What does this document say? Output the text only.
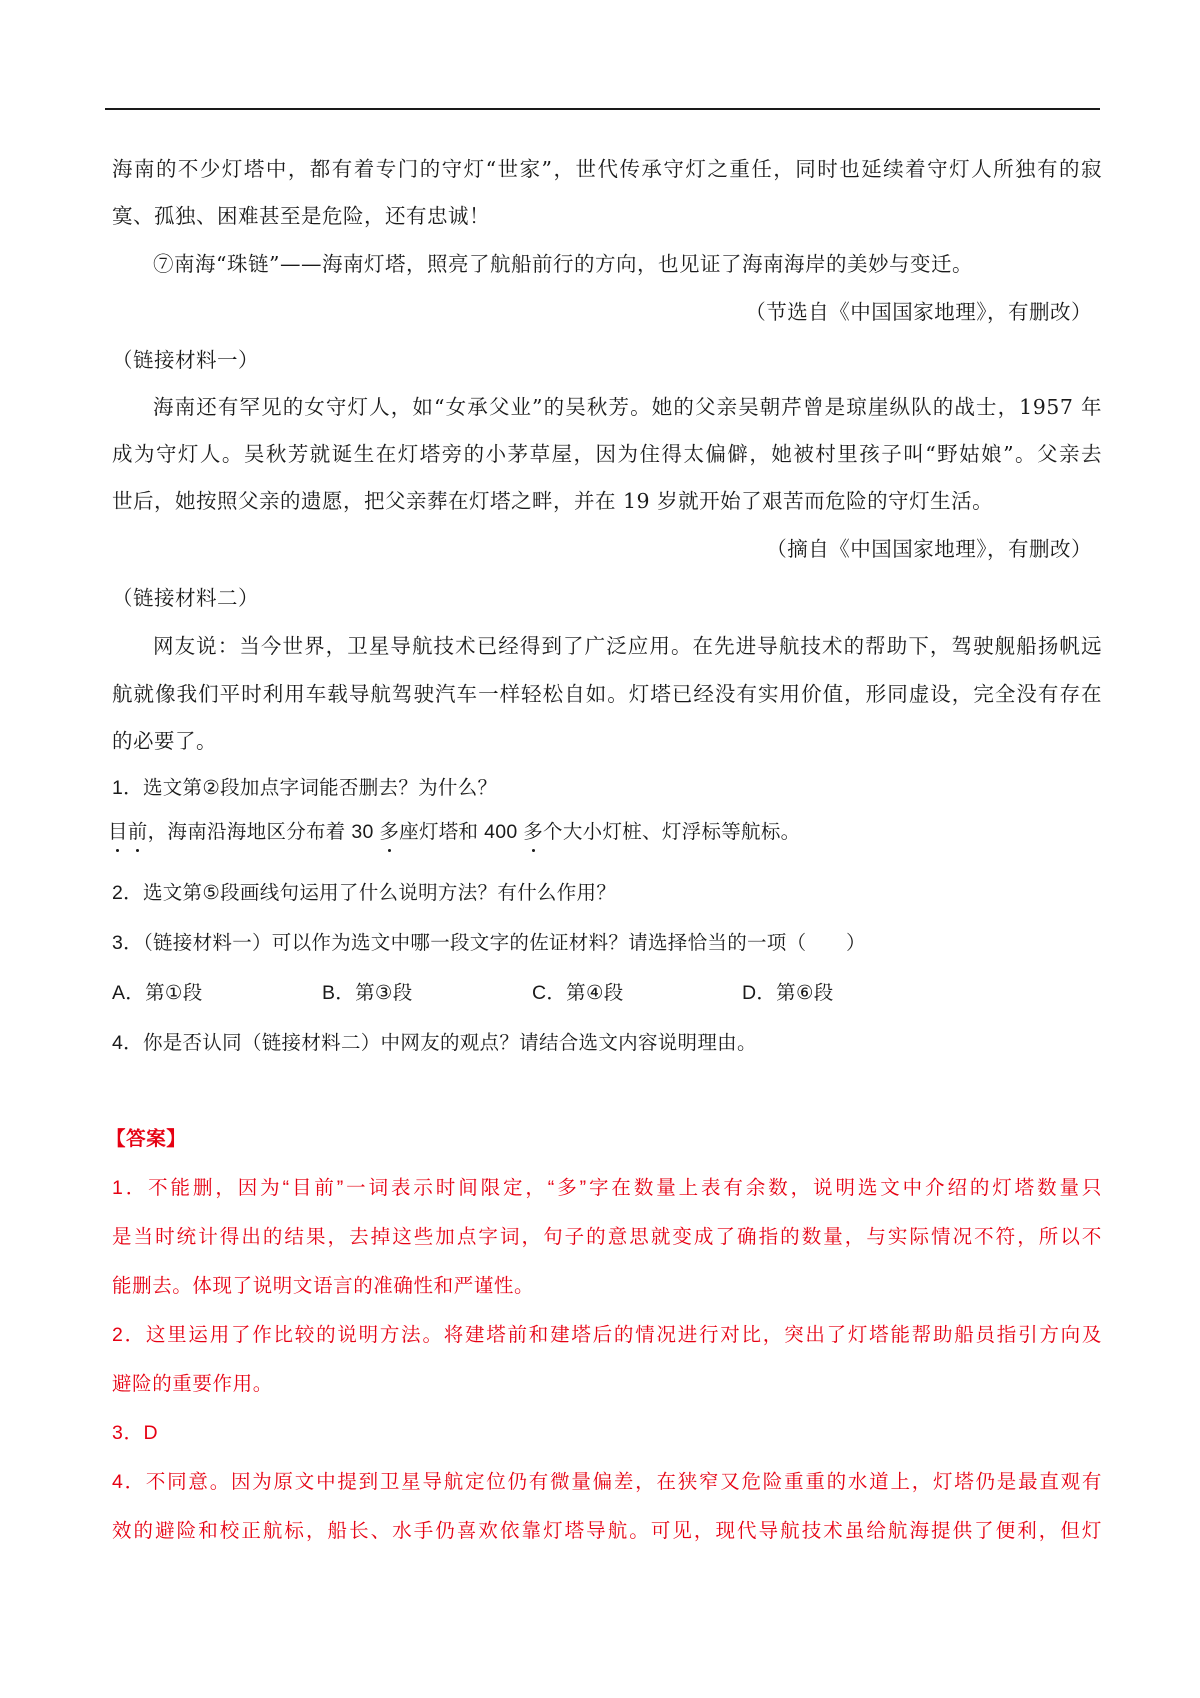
海南的不少灯塔中，都有着专门的守灯“世家”，世代传承守灯之重任，同时也延续着守灯人所独有的寂
寞、孤独、困难甚至是危险，还有忠诚！
⑦南海“珠链”——海南灯塔，照亮了航船前行的方向，也见证了海南海岸的美妙与变迁。
（节选自《中国国家地理》，有删改）
（链接材料一）
海南还有罕见的女守灯人，如“女承父业”的吴秋芳。她的父亲吴朝芹曾是琼崖纵队的战士，1957 年
成为守灯人。吴秋芳就诞生在灯塔旁的小茅草屋，因为住得太偏僻，她被村里孩子叫“野姑娘”。父亲去
世后，她按照父亲的遗愿，把父亲葬在灯塔之畔，并在 19 岁就开始了艰苦而危险的守灯生活。
（摘自《中国国家地理》，有删改）
（链接材料二）
网友说：当今世界，卫星导航技术已经得到了广泛应用。在先进导航技术的帮助下，驾驶舰船扬帆远
航就像我们平时利用车载导航驾驶汽车一样轻松自如。灯塔已经没有实用价值，形同虚设，完全没有存在
的必要了。
1．选文第②段加点字词能否删去？为什么？
目前
，海南沿海地区分布着 30 多
座灯塔和 400 多
个大小灯桩、灯浮标等航标。
2．选文第⑤段画线句运用了什么说明方法？有什么作用？
3．（链接材料一）可以作为选文中哪一段文字的佐证材料？请选择恰当的一项（　　）
A．第①段	B．第③段	C．第④段	D．第⑥段
4．你是否认同（链接材料二）中网友的观点？请结合选文内容说明理由。
【答案】
1．不能删，因为“目前”一词表示时间限定，“多”字在数量上表有余数，说明选文中介绍的灯塔数量只
是当时统计得出的结果，去掉这些加点字词，句子的意思就变成了确指的数量，与实际情况不符，所以不
能删去。体现了说明文语言的准确性和严谨性。
2．这里运用了作比较的说明方法。将建塔前和建塔后的情况进行对比，突出了灯塔能帮助船员指引方向及
避险的重要作用。
3．D
4．不同意。因为原文中提到卫星导航定位仍有微量偏差，在狭窄又危险重重的水道上，灯塔仍是最直观有
效的避险和校正航标，船长、水手仍喜欢依靠灯塔导航。可见，现代导航技术虽给航海提供了便利，但灯
